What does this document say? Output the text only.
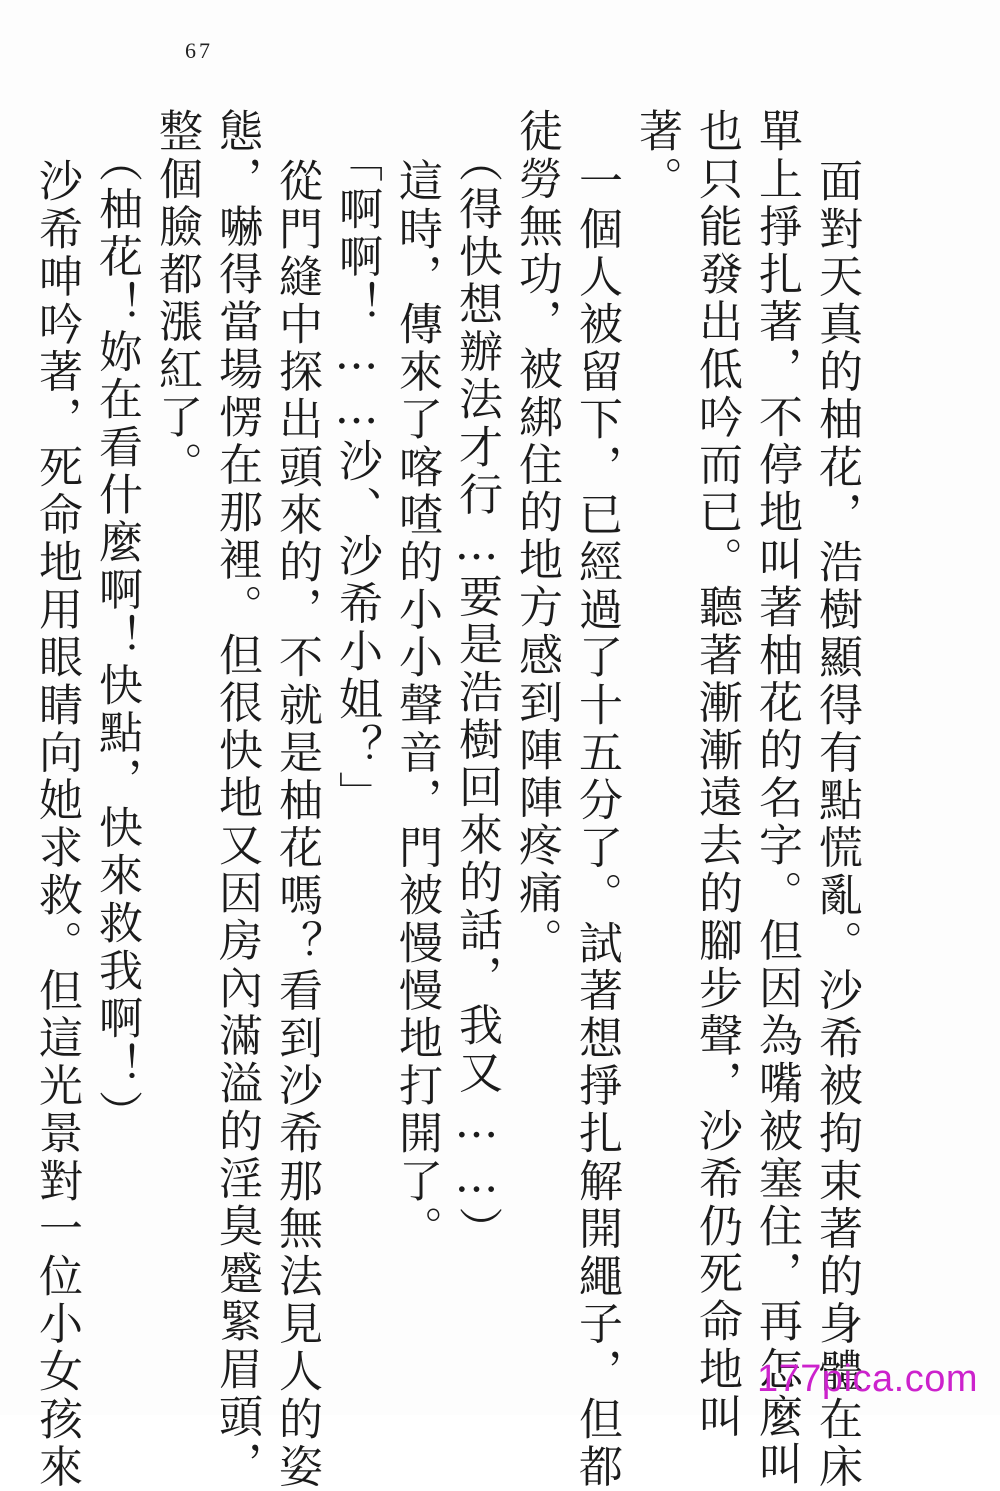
67

面對天真的柚花，浩樹顯得有點慌亂。沙希被拘束著的身體在床

單上掙扎著，不停地叫著柚花的名字。但因為嘴被塞住，再怎麼叫

也只能發出低吟而已。聽著漸漸遠去的腳步聲，沙希仍死命地叫

著。

一個人被留下，已經過了十五分了。試著想掙扎解開繩子，但都

徒勞無功，被綁住的地方感到陣陣疼痛。

（得快想辦法才行…要是浩樹回來的話，我又……）

這時，傳來了喀喳的小小聲音，門被慢慢地打開了。

「啊啊！……沙、沙希小姐？」

從門縫中探出頭來的，不就是柚花嗎？看到沙希那無法見人的姿

態，嚇得當場愣在那裡。但很快地又因房內滿溢的淫臭蹙緊眉頭，

整個臉都漲紅了。

（柚花！妳在看什麼啊！快點，快來救我啊！）

沙希呻吟著，死命地用眼睛向她求救。但這光景對一位小女孩來	177pica.com
